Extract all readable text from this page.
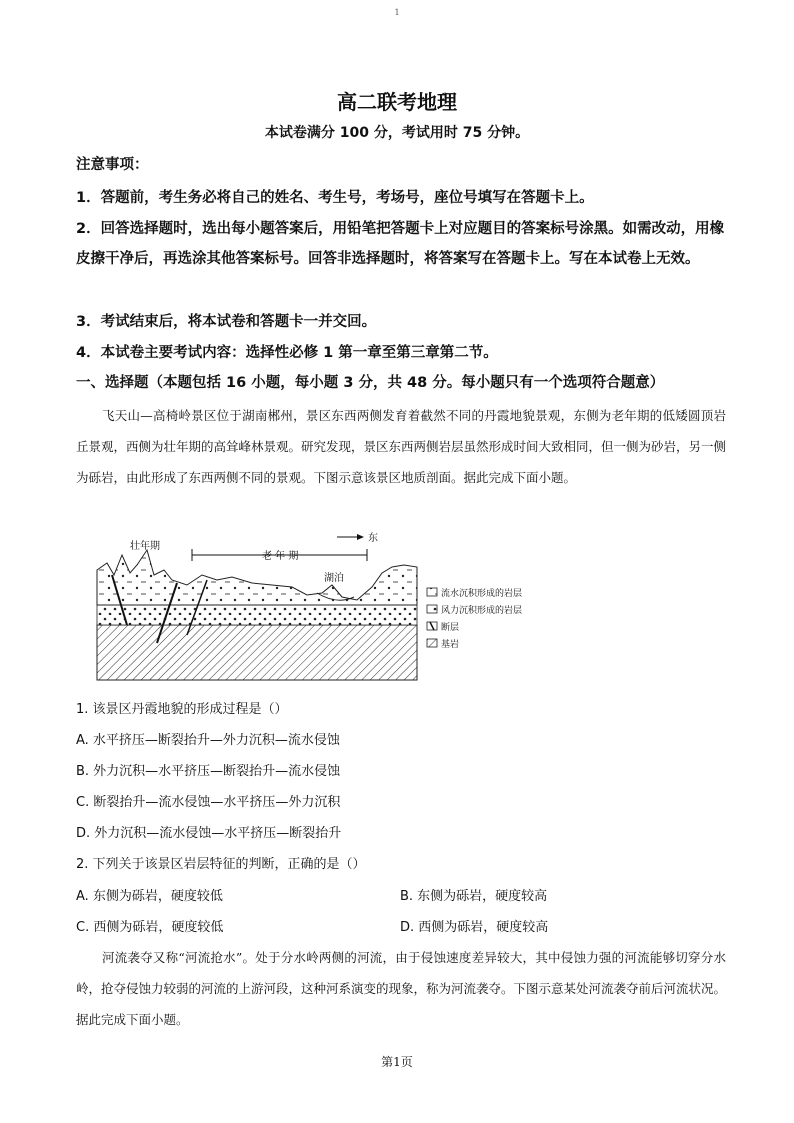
1
高二联考地理
本试卷满分 100 分，考试用时 75 分钟。
注意事项：
1．答题前，考生务必将自己的姓名、考生号，考场号，座位号填写在答题卡上。
2．回答选择题时，选出每小题答案后，用铅笔把答题卡上对应题目的答案标号涂黑。如需改动，用橡皮擦干净后，再选涂其他答案标号。回答非选择题时，将答案写在答题卡上。写在本试卷上无效。
3．考试结束后，将本试卷和答题卡一并交回。
4．本试卷主要考试内容：选择性必修 1 第一章至第三章第二节。
一、选择题（本题包括 16 小题，每小题 3 分，共 48 分。每小题只有一个选项符合题意）
飞天山—高椅岭景区位于湖南郴州，景区东西两侧发育着截然不同的丹霞地貌景观，东侧为老年期的低矮圆顶岩丘景观，西侧为壮年期的高耸峰林景观。研究发现，景区东西两侧岩层虽然形成时间大致相同，但一侧为砂岩，另一侧为砾岩，由此形成了东西两侧不同的景观。下图示意该景区地质剖面。据此完成下面小题。
壮年期
老 年 期
东
湖泊
流水沉积形成的岩层
风力沉积形成的岩层
断层
基岩
1. 该景区丹霞地貌的形成过程是（）
A. 水平挤压—断裂抬升—外力沉积—流水侵蚀
B. 外力沉积—水平挤压—断裂抬升—流水侵蚀
C. 断裂抬升—流水侵蚀—水平挤压—外力沉积
D. 外力沉积—流水侵蚀—水平挤压—断裂抬升
2. 下列关于该景区岩层特征的判断，正确的是（）
A. 东侧为砾岩，硬度较低	B. 东侧为砾岩，硬度较高
C. 西侧为砾岩，硬度较低	D. 西侧为砾岩，硬度较高
河流袭夺又称“河流抢水”。处于分水岭两侧的河流，由于侵蚀速度差异较大，其中侵蚀力强的河流能够切穿分水岭，抢夺侵蚀力较弱的河流的上游河段，这种河系演变的现象，称为河流袭夺。下图示意某处河流袭夺前后河流状况。据此完成下面小题。
第1页
